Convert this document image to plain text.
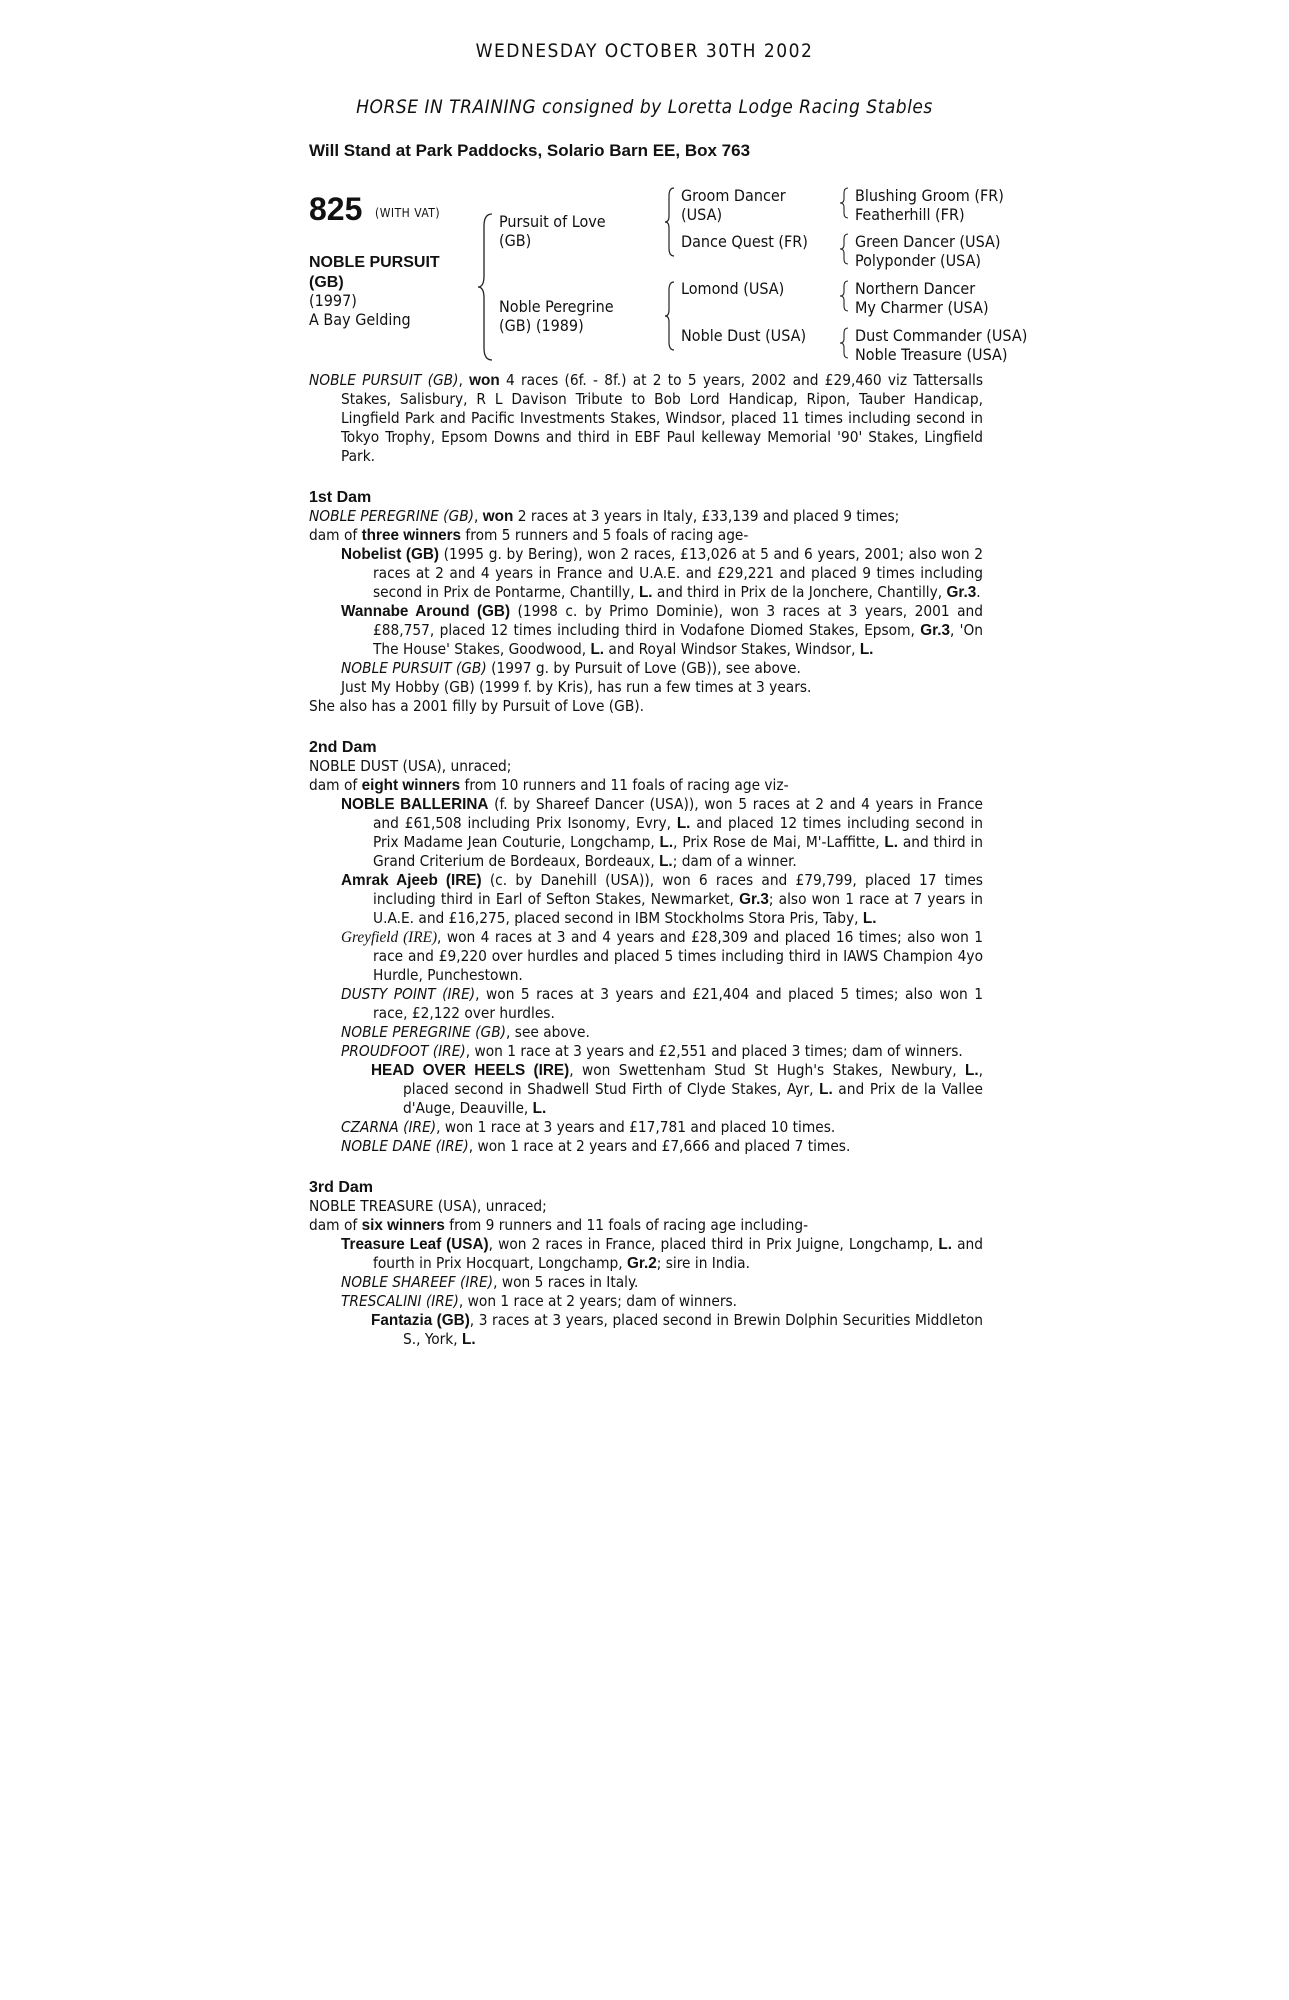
WEDNESDAY OCTOBER 30TH 2002
HORSE IN TRAINING consigned by Loretta Lodge Racing Stables
Will Stand at Park Paddocks, Solario Barn EE, Box 763
825 (WITH VAT)
NOBLE PURSUIT (GB)
(1997)
A Bay Gelding
Pursuit of Love (GB)
Noble Peregrine (GB) (1989)
Groom Dancer (USA)
Dance Quest (FR)
Lomond (USA)
Noble Dust (USA)
Blushing Groom (FR)
Featherhill (FR)
Green Dancer (USA)
Polyponder (USA)
Northern Dancer
My Charmer (USA)
Dust Commander (USA)
Noble Treasure (USA)

NOBLE PURSUIT (GB), won 4 races (6f. - 8f.) at 2 to 5 years, 2002 and £29,460 viz Tattersalls Stakes, Salisbury, R L Davison Tribute to Bob Lord Handicap, Ripon, Tauber Handicap, Lingfield Park and Pacific Investments Stakes, Windsor, placed 11 times including second in Tokyo Trophy, Epsom Downs and third in EBF Paul kelleway Memorial '90' Stakes, Lingfield Park.

1st Dam

NOBLE PEREGRINE (GB), won 2 races at 3 years in Italy, £33,139 and placed 9 times;
dam of three winners from 5 runners and 5 foals of racing age-

Nobelist (GB) (1995 g. by Bering), won 2 races, £13,026 at 5 and 6 years, 2001; also won 2 races at 2 and 4 years in France and U.A.E. and £29,221 and placed 9 times including second in Prix de Pontarme, Chantilly, L. and third in Prix de la Jonchere, Chantilly, Gr.3.

Wannabe Around (GB) (1998 c. by Primo Dominie), won 3 races at 3 years, 2001 and £88,757, placed 12 times including third in Vodafone Diomed Stakes, Epsom, Gr.3, 'On The House' Stakes, Goodwood, L. and Royal Windsor Stakes, Windsor, L.

NOBLE PURSUIT (GB) (1997 g. by Pursuit of Love (GB)), see above.

Just My Hobby (GB) (1999 f. by Kris), has run a few times at 3 years.

She also has a 2001 filly by Pursuit of Love (GB).

2nd Dam

NOBLE DUST (USA), unraced;
dam of eight winners from 10 runners and 11 foals of racing age viz-

NOBLE BALLERINA (f. by Shareef Dancer (USA)), won 5 races at 2 and 4 years in France and £61,508 including Prix Isonomy, Evry, L. and placed 12 times including second in Prix Madame Jean Couturie, Longchamp, L., Prix Rose de Mai, M'-Laffitte, L. and third in Grand Criterium de Bordeaux, Bordeaux, L.; dam of a winner.

Amrak Ajeeb (IRE) (c. by Danehill (USA)), won 6 races and £79,799, placed 17 times including third in Earl of Sefton Stakes, Newmarket, Gr.3; also won 1 race at 7 years in U.A.E. and £16,275, placed second in IBM Stockholms Stora Pris, Taby, L.

Greyfield (IRE), won 4 races at 3 and 4 years and £28,309 and placed 16 times; also won 1 race and £9,220 over hurdles and placed 5 times including third in IAWS Champion 4yo Hurdle, Punchestown.

DUSTY POINT (IRE), won 5 races at 3 years and £21,404 and placed 5 times; also won 1 race, £2,122 over hurdles.

NOBLE PEREGRINE (GB), see above.

PROUDFOOT (IRE), won 1 race at 3 years and £2,551 and placed 3 times; dam of winners.

HEAD OVER HEELS (IRE), won Swettenham Stud St Hugh's Stakes, Newbury, L., placed second in Shadwell Stud Firth of Clyde Stakes, Ayr, L. and Prix de la Vallee d'Auge, Deauville, L.

CZARNA (IRE), won 1 race at 3 years and £17,781 and placed 10 times.

NOBLE DANE (IRE), won 1 race at 2 years and £7,666 and placed 7 times.

3rd Dam

NOBLE TREASURE (USA), unraced;
dam of six winners from 9 runners and 11 foals of racing age including-

Treasure Leaf (USA), won 2 races in France, placed third in Prix Juigne, Longchamp, L. and fourth in Prix Hocquart, Longchamp, Gr.2; sire in India.

NOBLE SHAREEF (IRE), won 5 races in Italy.

TRESCALINI (IRE), won 1 race at 2 years; dam of winners.

Fantazia (GB), 3 races at 3 years, placed second in Brewin Dolphin Securities Middleton S., York, L.
